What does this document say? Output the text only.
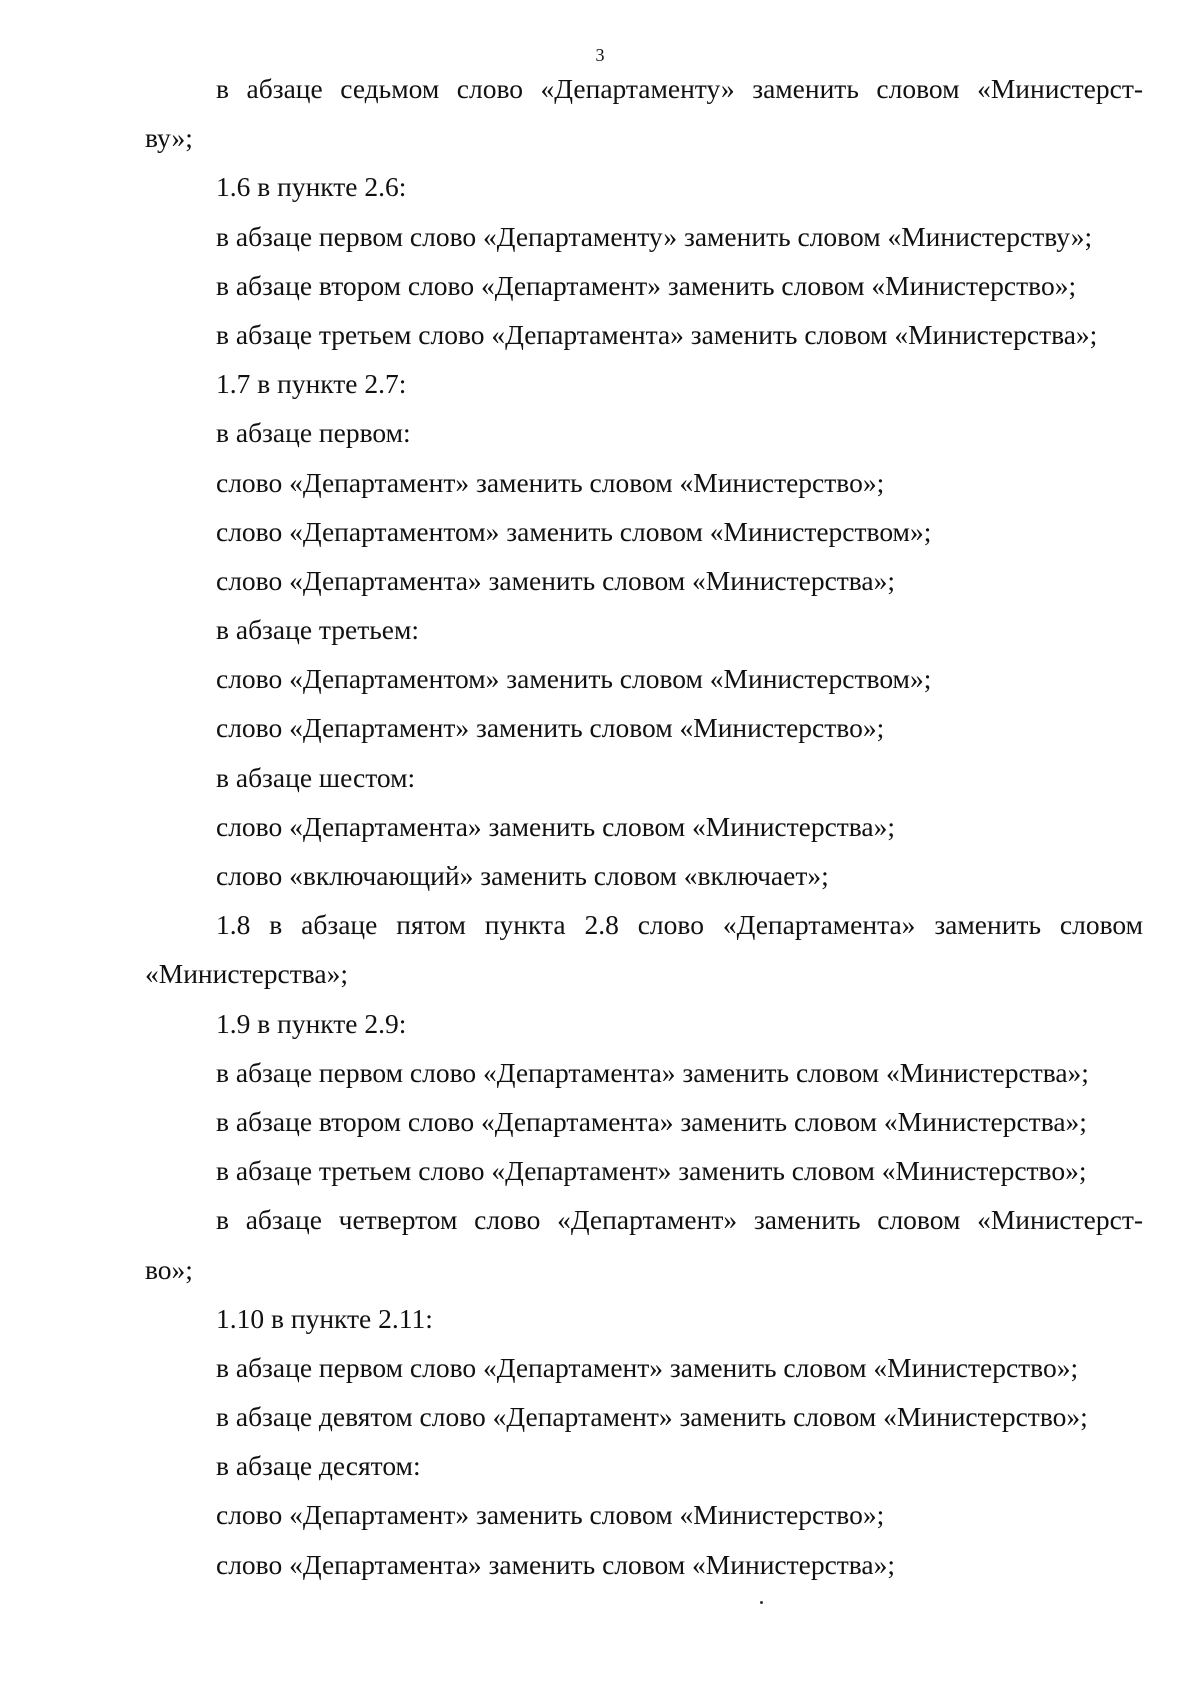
3
в абзаце седьмом слово «Департаменту» заменить словом «Министерст-
ву»;
1.6 в пункте 2.6:
в абзаце первом слово «Департаменту» заменить словом «Министерству»;
в абзаце втором слово «Департамент» заменить словом «Министерство»;
в абзаце третьем слово «Департамента» заменить словом «Министерства»;
1.7 в пункте 2.7:
в абзаце первом:
слово «Департамент» заменить словом «Министерство»;
слово «Департаментом» заменить словом «Министерством»;
слово «Департамента» заменить словом «Министерства»;
в абзаце третьем:
слово «Департаментом» заменить словом «Министерством»;
слово «Департамент» заменить словом «Министерство»;
в абзаце шестом:
слово «Департамента» заменить словом «Министерства»;
слово «включающий» заменить словом «включает»;
1.8 в абзаце пятом пункта 2.8 слово «Департамента» заменить словом
«Министерства»;
1.9 в пункте 2.9:
в абзаце первом слово «Департамента» заменить словом «Министерства»;
в абзаце втором слово «Департамента» заменить словом «Министерства»;
в абзаце третьем слово «Департамент» заменить словом «Министерство»;
в абзаце четвертом слово «Департамент» заменить словом «Министерст-
во»;
1.10 в пункте 2.11:
в абзаце первом слово «Департамент» заменить словом «Министерство»;
в абзаце девятом слово «Департамент» заменить словом «Министерство»;
в абзаце десятом:
слово «Департамент» заменить словом «Министерство»;
слово «Департамента» заменить словом «Министерства»;
